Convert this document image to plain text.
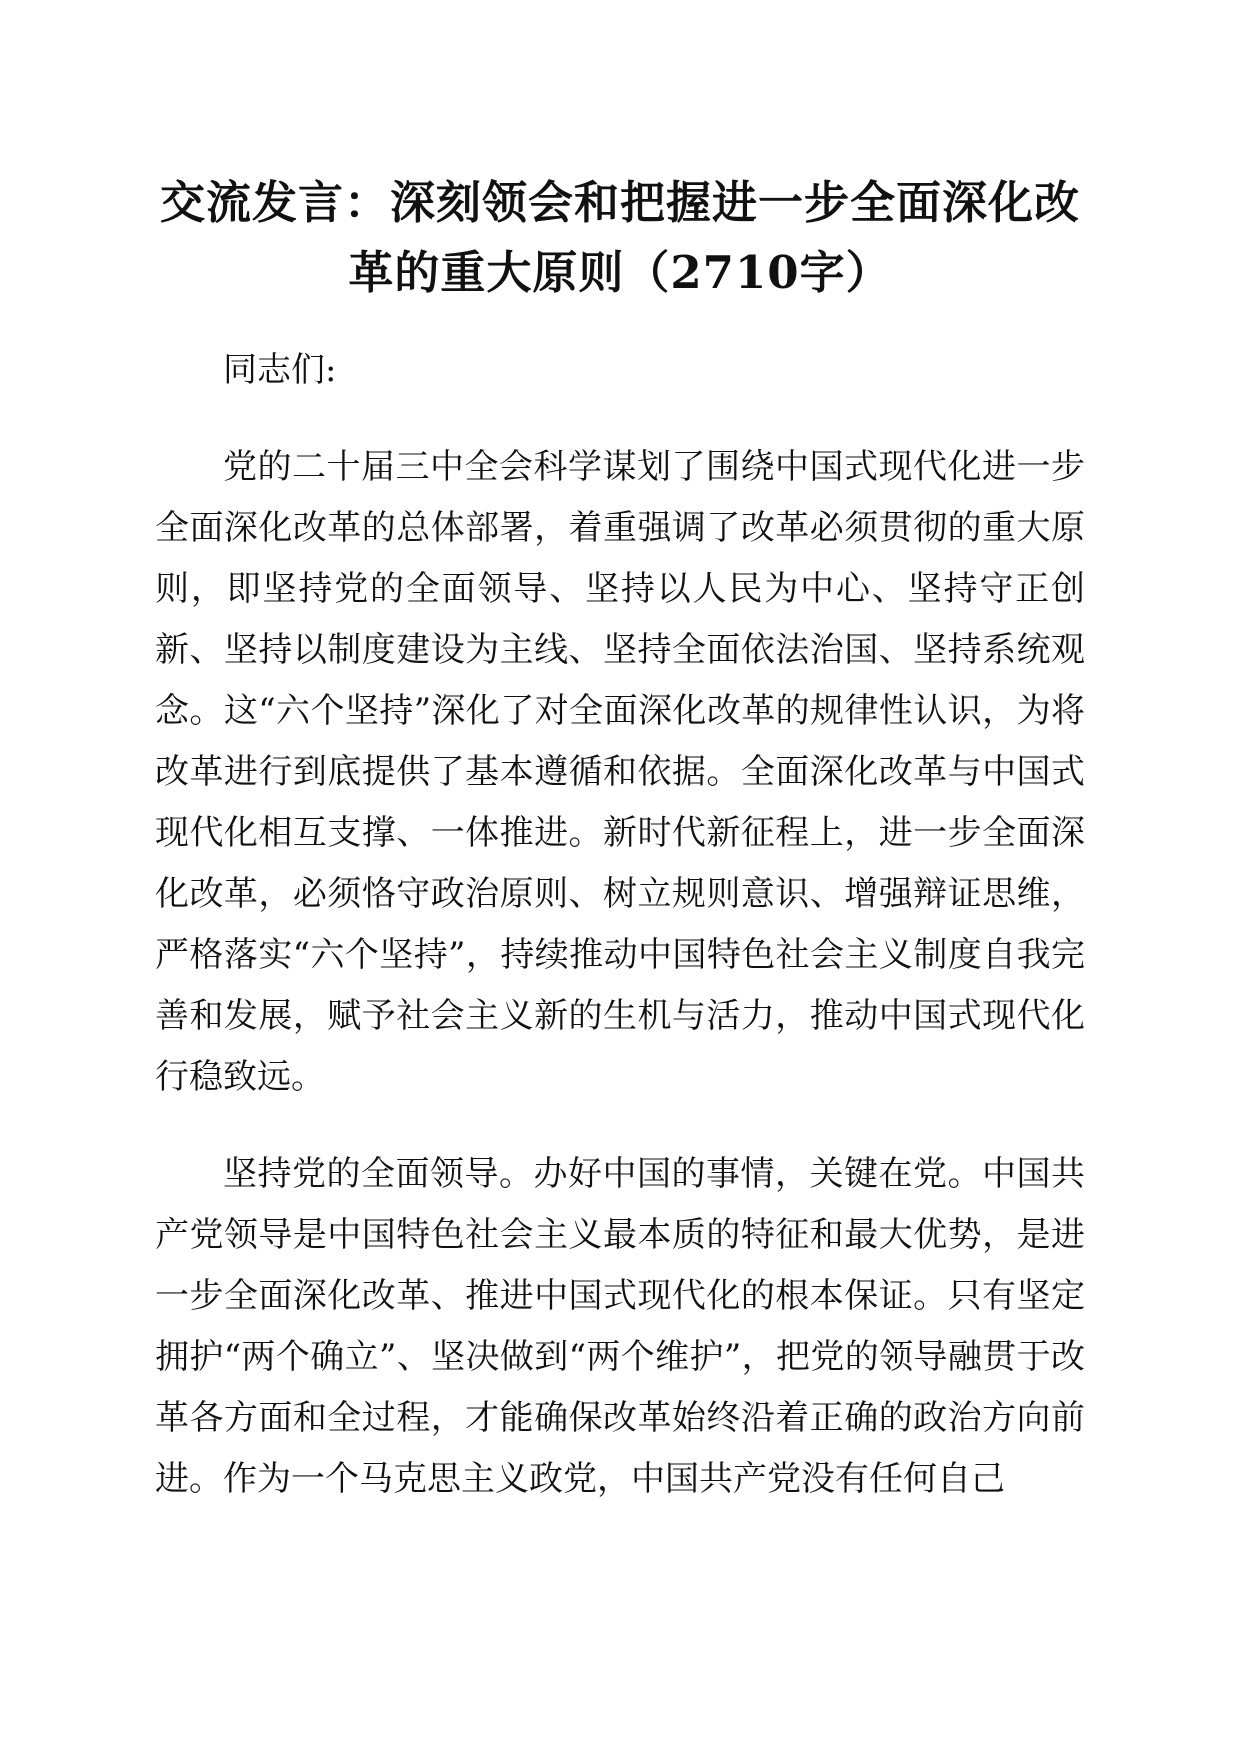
交流发言：深刻领会和把握进一步全面深化改
革的重大原则（2710字）

同志们:

党的二十届三中全会科学谋划了围绕中国式现代化进一步全面深化改革的总体部署，着重强调了改革必须贯彻的重大原则，即坚持党的全面领导、坚持以人民为中心、坚持守正创新、坚持以制度建设为主线、坚持全面依法治国、坚持系统观念。这“六个坚持”深化了对全面深化改革的规律性认识，为将改革进行到底提供了基本遵循和依据。全面深化改革与中国式现代化相互支撑、一体推进。新时代新征程上，进一步全面深化改革，必须恪守政治原则、树立规则意识、增强辩证思维，严格落实“六个坚持”，持续推动中国特色社会主义制度自我完善和发展，赋予社会主义新的生机与活力，推动中国式现代化行稳致远。

坚持党的全面领导。办好中国的事情，关键在党。中国共产党领导是中国特色社会主义最本质的特征和最大优势，是进一步全面深化改革、推进中国式现代化的根本保证。只有坚定拥护“两个确立”、坚决做到“两个维护”，把党的领导融贯于改革各方面和全过程，才能确保改革始终沿着正确的政治方向前进。作为一个马克思主义政党，中国共产党没有任何自己
